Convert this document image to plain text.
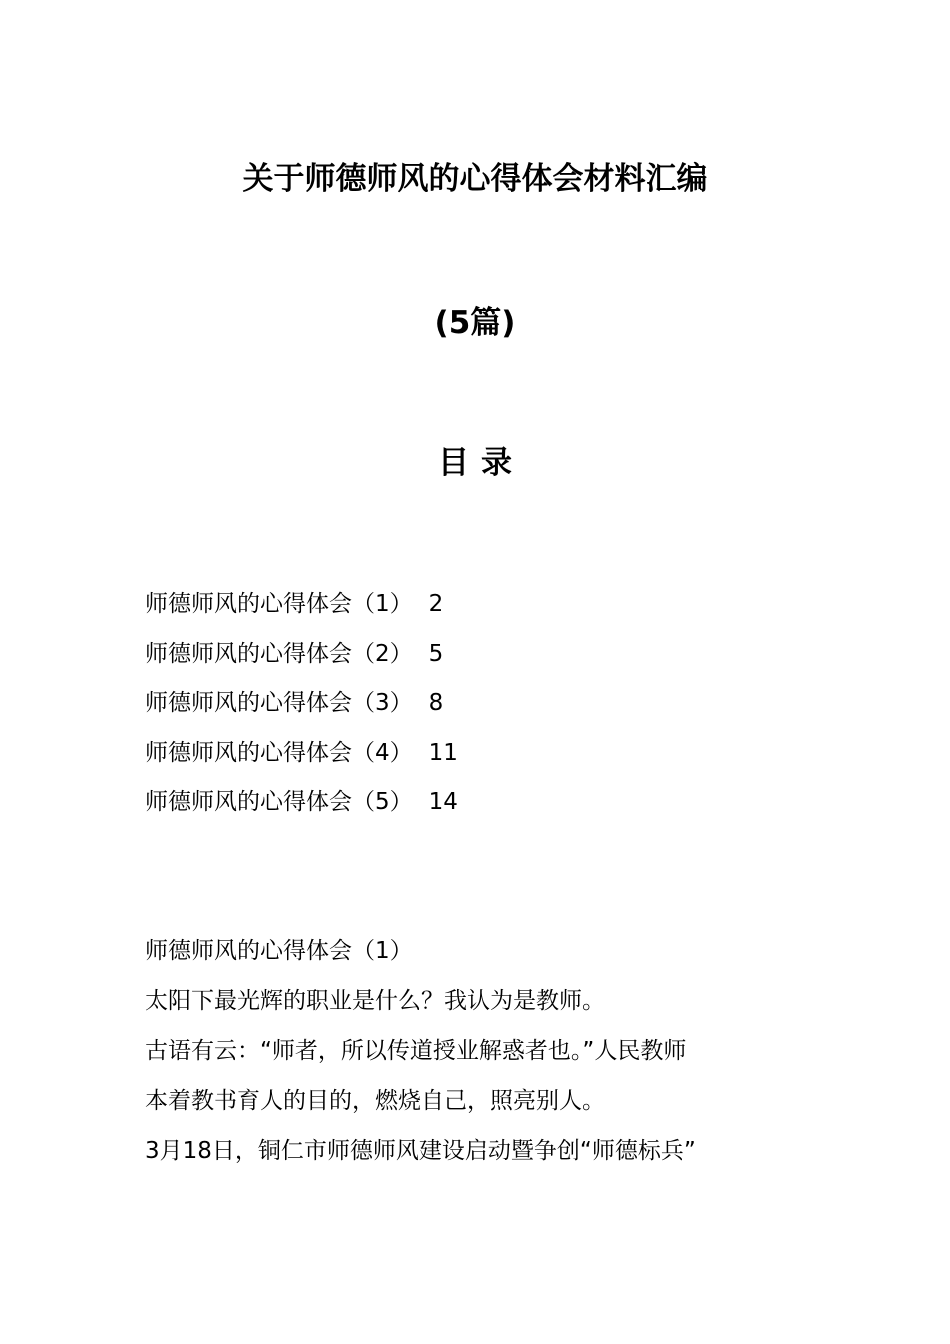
关于师德师风的心得体会材料汇编
(5篇)
目录
师德师风的心得体会（1） 2
师德师风的心得体会（2） 5
师德师风的心得体会（3） 8
师德师风的心得体会（4） 11
师德师风的心得体会（5） 14

师德师风的心得体会（1）

太阳下最光辉的职业是什么？我认为是教师。

古语有云：“师者，所以传道授业解惑者也。”人民教师

本着教书育人的目的，燃烧自己，照亮别人。

3月18日，铜仁市师德师风建设启动暨争创“师德标兵”
